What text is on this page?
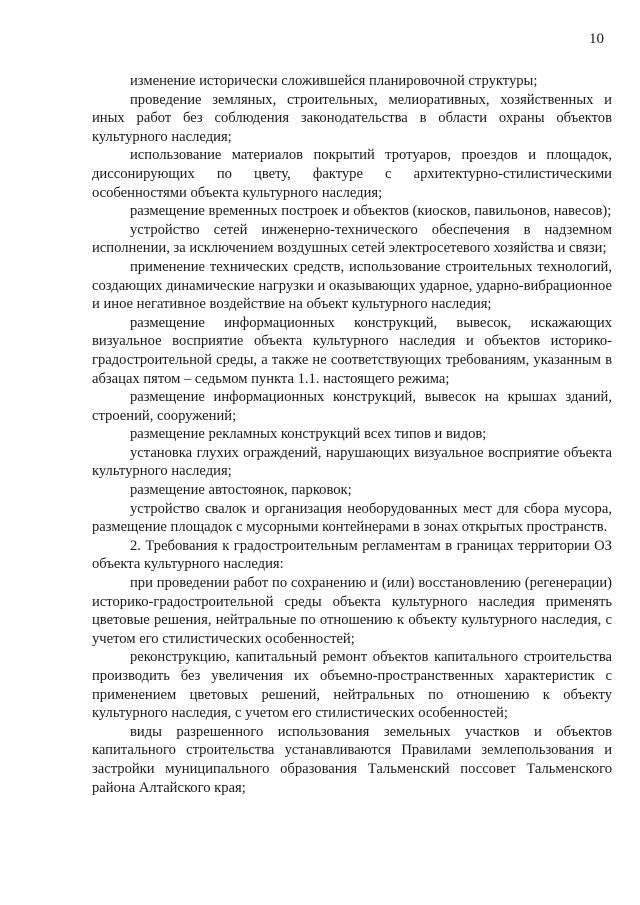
10

изменение исторически сложившейся планировочной структуры;

проведение земляных, строительных, мелиоративных, хозяйственных и иных работ без соблюдения законодательства в области охраны объектов культурного наследия;

использование материалов покрытий тротуаров, проездов и площадок, диссонирующих по цвету, фактуре с архитектурно-стилистическими особенностями объекта культурного наследия;

размещение временных построек и объектов (киосков, павильонов, навесов);

устройство сетей инженерно-технического обеспечения в надземном исполнении, за исключением воздушных сетей электросетевого хозяйства и связи;

применение технических средств, использование строительных технологий, создающих динамические нагрузки и оказывающих ударное, ударно-вибрационное и иное негативное воздействие на объект культурного наследия;

размещение информационных конструкций, вывесок, искажающих визуальное восприятие объекта культурного наследия и объектов историко-градостроительной среды, а также не соответствующих требованиям, указанным в абзацах пятом – седьмом пункта 1.1. настоящего режима;

размещение информационных конструкций, вывесок на крышах зданий, строений, сооружений;

размещение рекламных конструкций всех типов и видов;

установка глухих ограждений, нарушающих визуальное восприятие объекта культурного наследия;

размещение автостоянок, парковок;

устройство свалок и организация необорудованных мест для сбора мусора, размещение площадок с мусорными контейнерами в зонах открытых пространств.

2. Требования к градостроительным регламентам в границах территории ОЗ объекта культурного наследия:

при проведении работ по сохранению и (или) восстановлению (регенерации) историко-градостроительной среды объекта культурного наследия применять цветовые решения, нейтральные по отношению к объекту культурного наследия, с учетом его стилистических особенностей;

реконструкцию, капитальный ремонт объектов капитального строительства производить без увеличения их объемно-пространственных характеристик с применением цветовых решений, нейтральных по отношению к объекту культурного наследия, с учетом его стилистических особенностей;

виды разрешенного использования земельных участков и объектов капитального строительства устанавливаются Правилами землепользования и застройки муниципального образования Тальменский поссовет Тальменского района Алтайского края;
